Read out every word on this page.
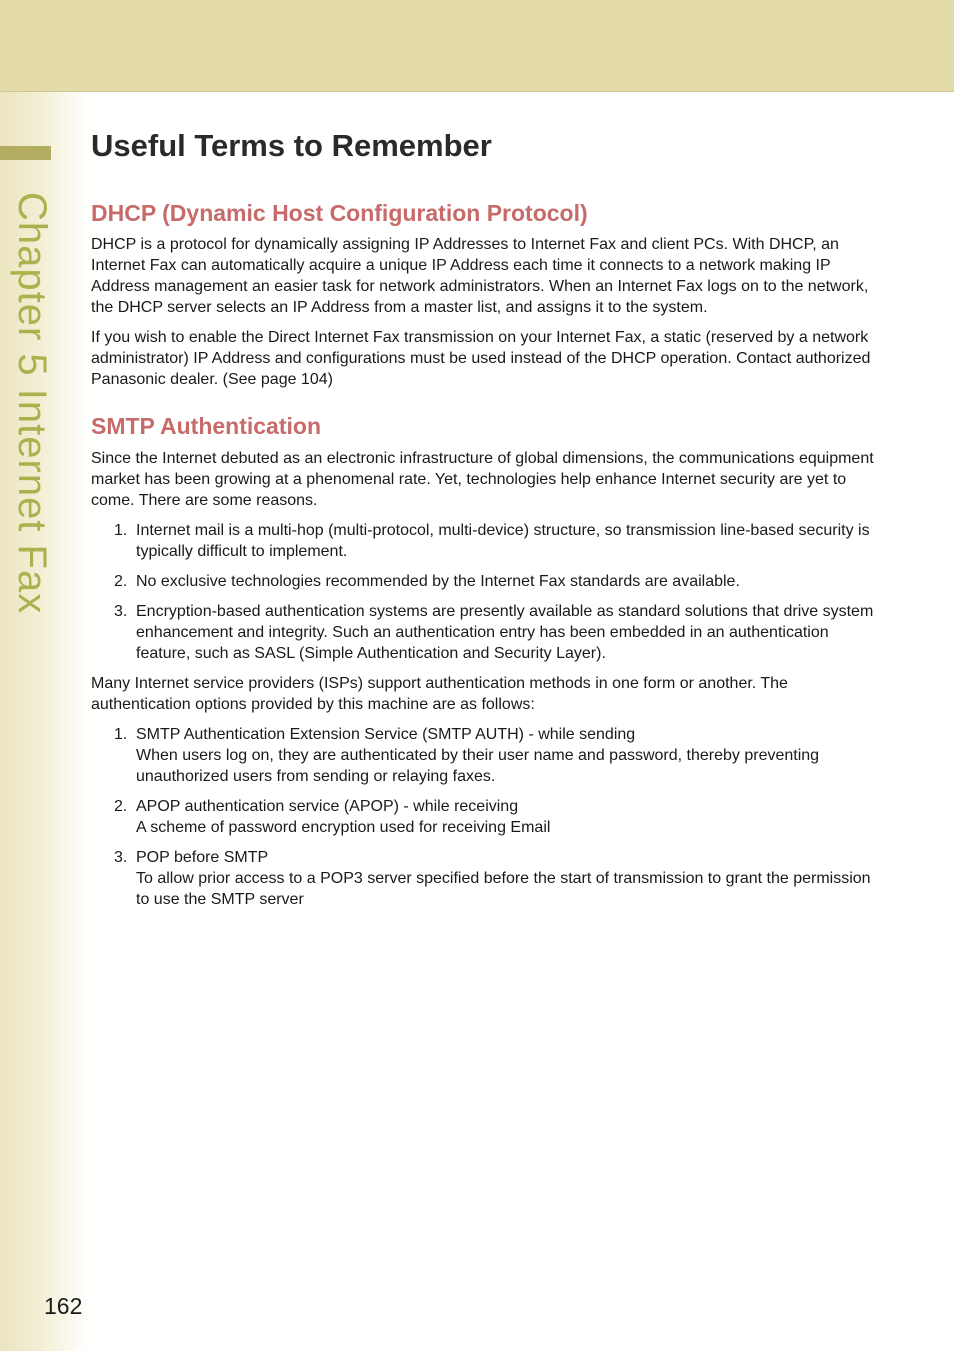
Chapter 5 Internet Fax
Useful Terms to Remember
DHCP (Dynamic Host Configuration Protocol)

DHCP is a protocol for dynamically assigning IP Addresses to Internet Fax and client PCs. With DHCP, an Internet Fax can automatically acquire a unique IP Address each time it connects to a network making IP Address management an easier task for network administrators. When an Internet Fax logs on to the network, the DHCP server selects an IP Address from a master list, and assigns it to the system.

If you wish to enable the Direct Internet Fax transmission on your Internet Fax, a static (reserved by a network administrator) IP Address and configurations must be used instead of the DHCP operation. Contact authorized Panasonic dealer. (See page 104)

SMTP Authentication

Since the Internet debuted as an electronic infrastructure of global dimensions, the communications equipment market has been growing at a phenomenal rate. Yet, technologies help enhance Internet security are yet to come. There are some reasons.

1. Internet mail is a multi-hop (multi-protocol, multi-device) structure, so transmission line-based security is typically difficult to implement.
2. No exclusive technologies recommended by the Internet Fax standards are available.
3. Encryption-based authentication systems are presently available as standard solutions that drive system enhancement and integrity. Such an authentication entry has been embedded in an authentication feature, such as SASL (Simple Authentication and Security Layer).

Many Internet service providers (ISPs) support authentication methods in one form or another. The authentication options provided by this machine are as follows:

1. SMTP Authentication Extension Service (SMTP AUTH) - while sending
When users log on, they are authenticated by their user name and password, thereby preventing unauthorized users from sending or relaying faxes.
2. APOP authentication service (APOP) - while receiving
A scheme of password encryption used for receiving Email
3. POP before SMTP
To allow prior access to a POP3 server specified before the start of transmission to grant the permission to use the SMTP server
162
